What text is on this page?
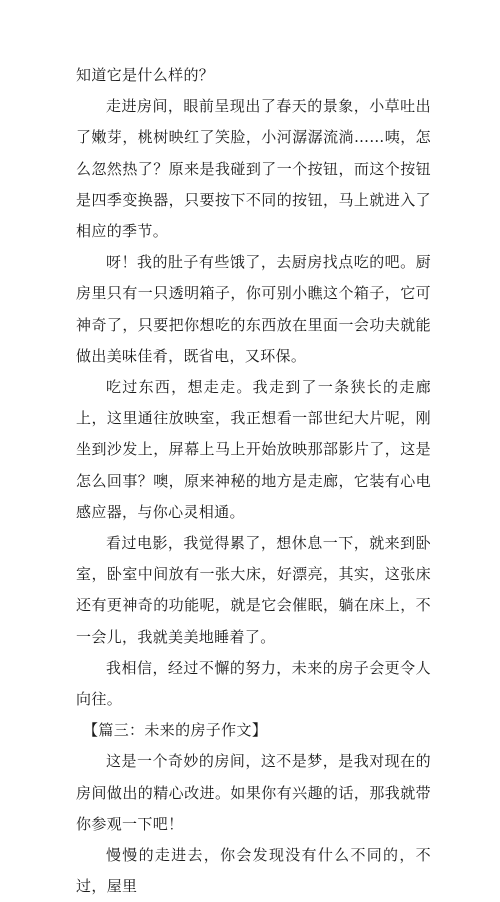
知道它是什么样的？

走进房间，眼前呈现出了春天的景象，小草吐出了嫩芽，桃树映红了笑脸，小河潺潺流淌……咦，怎么忽然热了？原来是我碰到了一个按钮，而这个按钮是四季变换器，只要按下不同的按钮，马上就进入了相应的季节。

呀！我的肚子有些饿了，去厨房找点吃的吧。厨房里只有一只透明箱子，你可别小瞧这个箱子，它可神奇了，只要把你想吃的东西放在里面一会功夫就能做出美味佳肴，既省电，又环保。

吃过东西，想走走。我走到了一条狭长的走廊上，这里通往放映室，我正想看一部世纪大片呢，刚坐到沙发上，屏幕上马上开始放映那部影片了，这是怎么回事？噢，原来神秘的地方是走廊，它装有心电感应器，与你心灵相通。

看过电影，我觉得累了，想休息一下，就来到卧室，卧室中间放有一张大床，好漂亮，其实，这张床还有更神奇的功能呢，就是它会催眠，躺在床上，不一会儿，我就美美地睡着了。

我相信，经过不懈的努力，未来的房子会更令人向往。

【篇三：未来的房子作文】

这是一个奇妙的房间，这不是梦，是我对现在的房间做出的精心改进。如果你有兴趣的话，那我就带你参观一下吧！

慢慢的走进去，你会发现没有什么不同的，不过，屋里
